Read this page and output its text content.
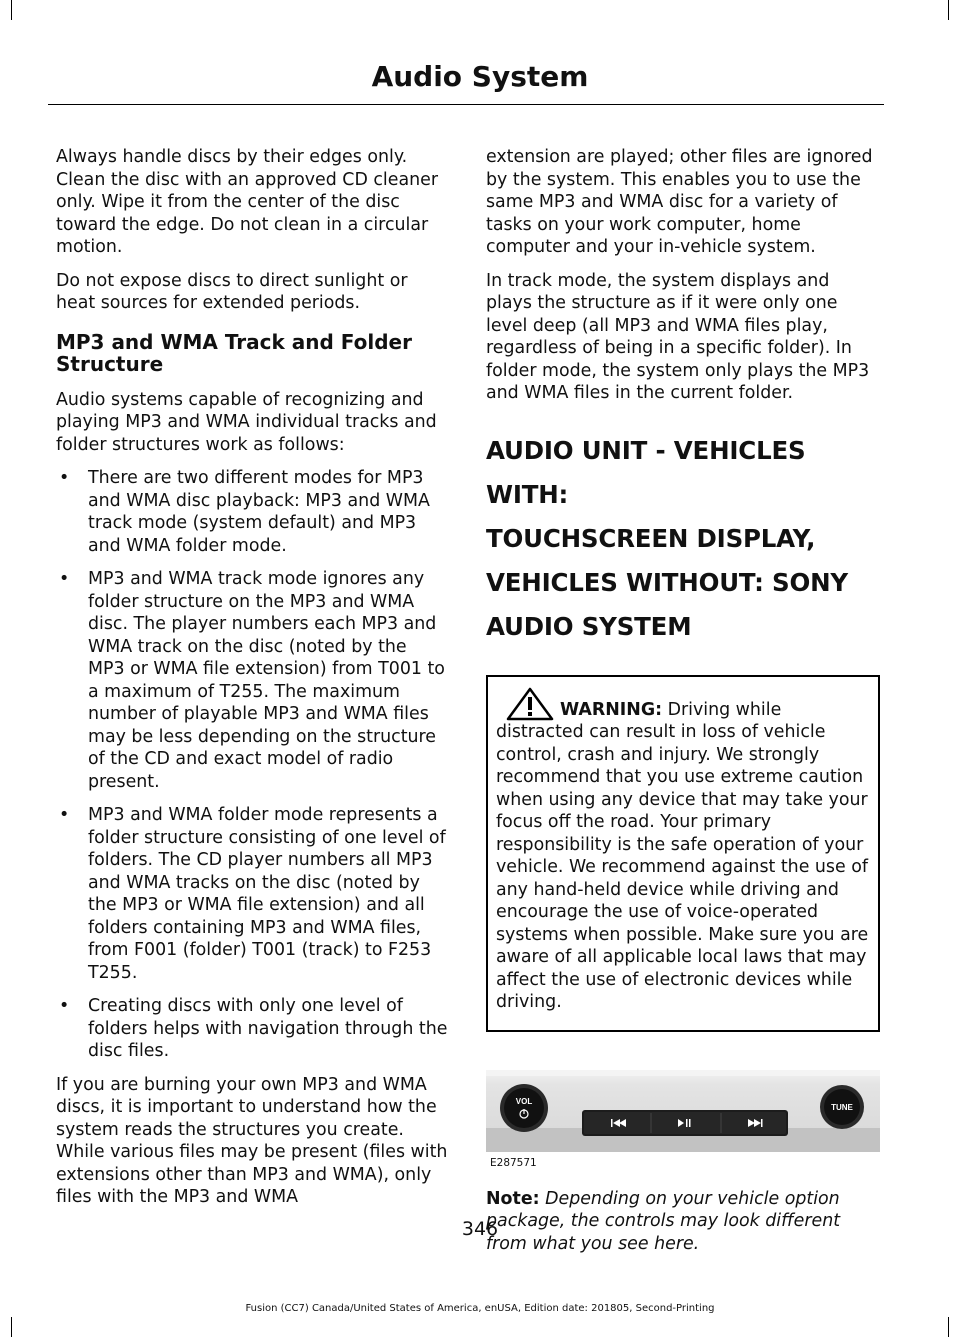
Audio System

Always handle discs by their edges only. Clean the disc with an approved CD cleaner only. Wipe it from the center of the disc toward the edge. Do not clean in a circular motion.

Do not expose discs to direct sunlight or heat sources for extended periods.

MP3 and WMA Track and Folder Structure

Audio systems capable of recognizing and playing MP3 and WMA individual tracks and folder structures work as follows:

• There are two different modes for MP3 and WMA disc playback: MP3 and WMA track mode (system default) and MP3 and WMA folder mode.
• MP3 and WMA track mode ignores any folder structure on the MP3 and WMA disc. The player numbers each MP3 and WMA track on the disc (noted by the MP3 or WMA file extension) from T001 to a maximum of T255. The maximum number of playable MP3 and WMA files may be less depending on the structure of the CD and exact model of radio present.
• MP3 and WMA folder mode represents a folder structure consisting of one level of folders. The CD player numbers all MP3 and WMA tracks on the disc (noted by the MP3 or WMA file extension) and all folders containing MP3 and WMA files, from F001 (folder) T001 (track) to F253 T255.
• Creating discs with only one level of folders helps with navigation through the disc files.

If you are burning your own MP3 and WMA discs, it is important to understand how the system reads the structures you create. While various files may be present (files with extensions other than MP3 and WMA), only files with the MP3 and WMA

extension are played; other files are ignored by the system. This enables you to use the same MP3 and WMA disc for a variety of tasks on your work computer, home computer and your in-vehicle system.

In track mode, the system displays and plays the structure as if it were only one level deep (all MP3 and WMA files play, regardless of being in a specific folder). In folder mode, the system only plays the MP3 and WMA files in the current folder.

AUDIO UNIT - VEHICLES WITH:
TOUCHSCREEN DISPLAY,
VEHICLES WITHOUT: SONY
AUDIO SYSTEM

WARNING: Driving while distracted can result in loss of vehicle control, crash and injury. We strongly recommend that you use extreme caution when using any device that may take your focus off the road. Your primary responsibility is the safe operation of your vehicle. We recommend against the use of any hand-held device while driving and encourage the use of voice-operated systems when possible. Make sure you are aware of all applicable local laws that may affect the use of electronic devices while driving.

VOL
TUNE
E287571

Note: Depending on your vehicle option package, the controls may look different from what you see here.

346
Fusion (CC7) Canada/United States of America, enUSA, Edition date: 201805, Second-Printing
